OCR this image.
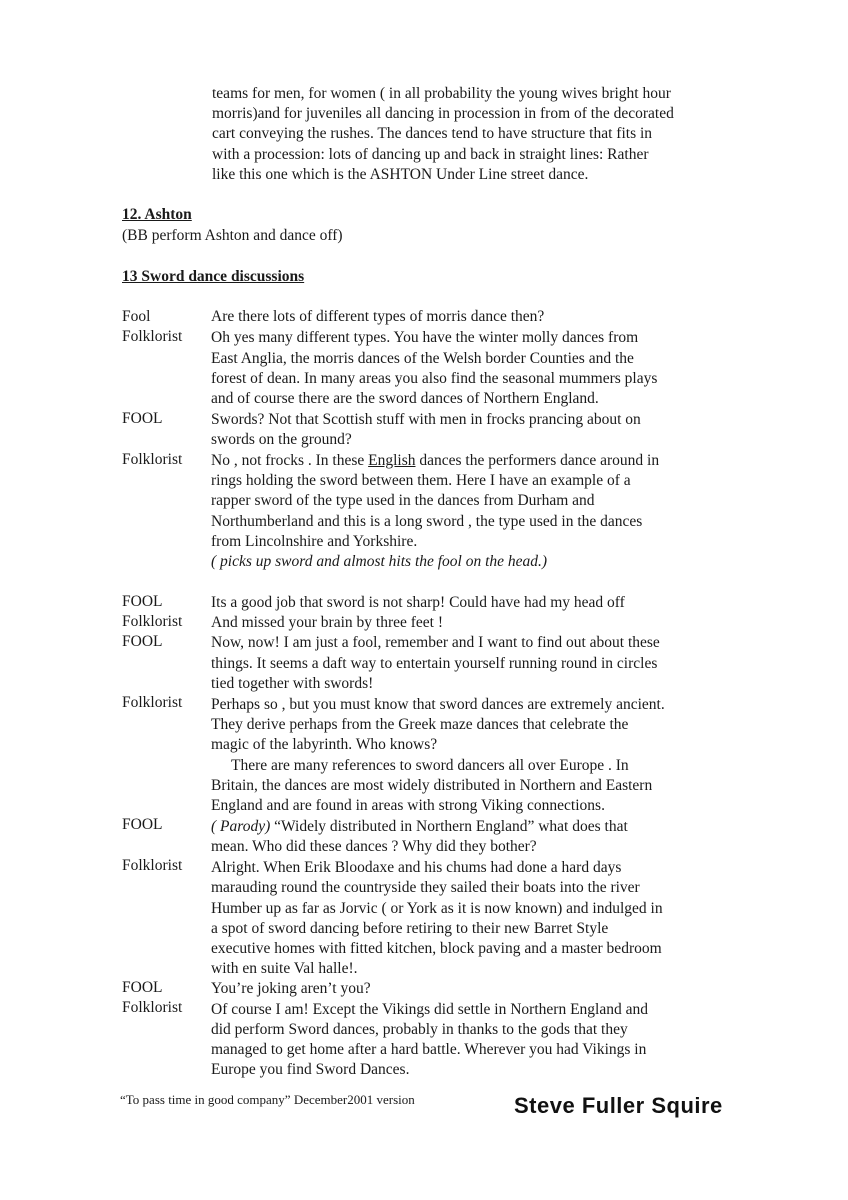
teams for men, for women ( in all probability the young wives bright hour
morris)and for juveniles all dancing in procession in from of the decorated
cart conveying the rushes. The dances tend to have structure that fits in
with a procession: lots of dancing up and back in straight lines: Rather
like this one which is the ASHTON Under Line street dance.
12. Ashton
(BB perform Ashton and dance off)
13 Sword dance discussions
Fool	Are there lots of different types of morris dance then?
Folklorist Oh yes many different types. You have the winter molly dances from
East Anglia, the morris dances of the Welsh border Counties and the
forest of dean. In many areas you also find the seasonal mummers plays
and of course there are the sword dances of Northern England.
FOOL	Swords? Not that Scottish stuff with men in frocks prancing about on
swords on the ground?
Folklorist No , not frocks . In these English dances the performers dance around in
rings holding the sword between them. Here I have an example of a
rapper sword of the type used in the dances from Durham and
Northumberland and this is a long sword , the type used in the dances
from Lincolnshire and Yorkshire.
( picks up sword and almost hits the fool on the head.)
FOOL	Its a good job that sword is not sharp! Could have had my head off
Folklorist And missed your brain by three feet !
FOOL	Now, now! I am just a fool, remember and I want to find out about these
things. It seems a daft way to entertain yourself running round in circles
tied together with swords!
Folklorist Perhaps so , but you must know that sword dances are extremely ancient.
They derive perhaps from the Greek maze dances that celebrate the
magic of the labyrinth. Who knows?
There are many references to sword dancers all over Europe . In
Britain, the dances are most widely distributed in Northern and Eastern
England and are found in areas with strong Viking connections.
FOOL	( Parody) “Widely distributed in Northern England” what does that
mean. Who did these dances ? Why did they bother?
Folklorist Alright. When Erik Bloodaxe and his chums had done a hard days
marauding round the countryside they sailed their boats into the river
Humber up as far as Jorvic ( or York as it is now known) and indulged in
a spot of sword dancing before retiring to their new Barret Style
executive homes with fitted kitchen, block paving and a master bedroom
with en suite Val halle!.
FOOL	You’re joking aren’t you?
Folklorist Of course I am! Except the Vikings did settle in Northern England and
did perform Sword dances, probably in thanks to the gods that they
managed to get home after a hard battle. Wherever you had Vikings in
Europe you find Sword Dances.
“To pass time in good company” December2001 version	Steve Fuller Squire
